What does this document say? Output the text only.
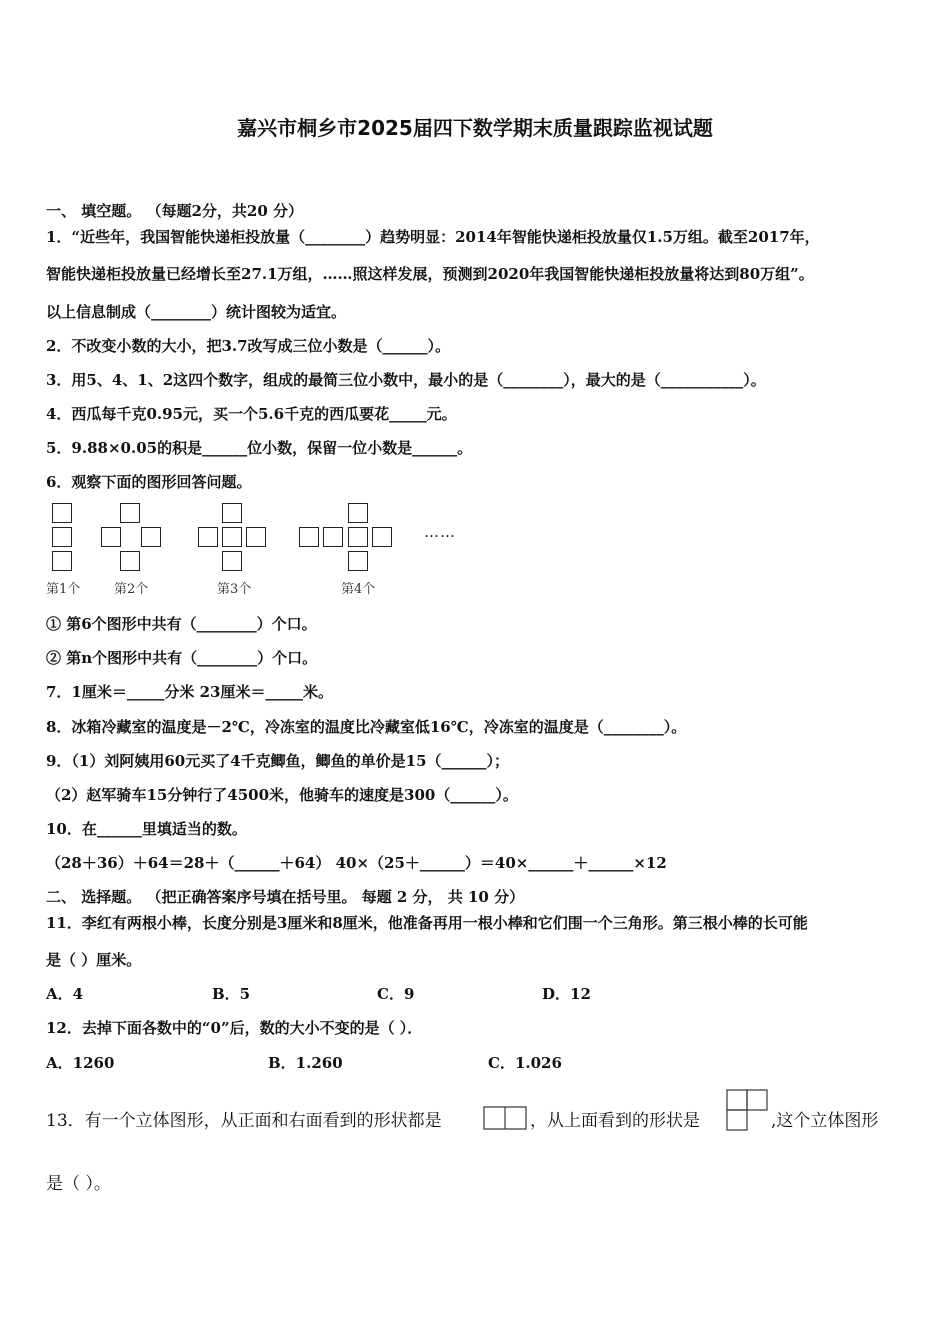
嘉兴市桐乡市2025届四下数学期末质量跟踪监视试题
一、 填空题。 （每题2分，共20 分）
1．“近些年，我国智能快递柜投放量（________）趋势明显：2014年智能快递柜投放量仅1.5万组。截至2017年，
智能快递柜投放量已经增长至27.1万组，……照这样发展，预测到2020年我国智能快递柜投放量将达到80万组”。
以上信息制成（________）统计图较为适宜。
2．不改变小数的大小，把3.7改写成三位小数是（______）。
3．用5、4、1、2这四个数字，组成的最简三位小数中，最小的是（________），最大的是（___________）。
4．西瓜每千克0.95元，买一个5.6千克的西瓜要花_____元。
5．9.88×0.05的积是______位小数，保留一位小数是______。
6．观察下面的图形回答问题。
……
第1个	第2个	第3个	第4个
① 第6个图形中共有（________）个口。
② 第n个图形中共有（________）个口。
7．1厘米＝_____分米 23厘米＝_____米。
8．冰箱冷藏室的温度是－2℃，冷冻室的温度比冷藏室低16℃，冷冻室的温度是（________）。
9．（1）刘阿姨用60元买了4千克鲫鱼，鲫鱼的单价是15（______）；
（2）赵军骑车15分钟行了4500米，他骑车的速度是300（______）。
10．在______里填适当的数。
（28＋36）＋64＝28＋（______＋64） 40×（25＋______）＝40×______＋______×12
二、 选择题。 （把正确答案序号填在括号里。 每题 2 分， 共 10 分）
11．李红有两根小棒，长度分别是3厘米和8厘米，他准备再用一根小棒和它们围一个三角形。第三根小棒的长可能
是（ ）厘米。
A．4	B．5	C．9	D．12
12．去掉下面各数中的“0”后，数的大小不变的是（ ）．
A．1260	B．1.260	C．1.026
13．有一个立体图形，从正面和右面看到的形状都是	，从上面看到的形状是	,这个立体图形
是（ ）。
